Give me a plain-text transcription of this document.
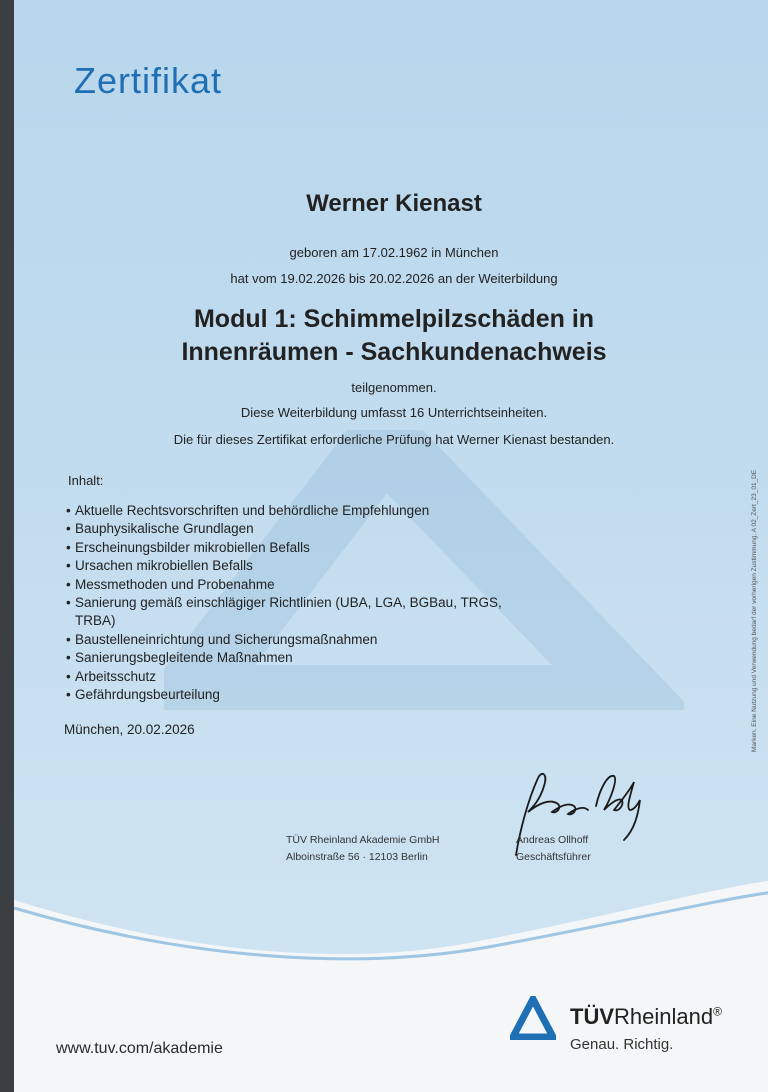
Zertifikat
Werner Kienast
geboren am 17.02.1962 in München
hat vom 19.02.2026 bis 20.02.2026 an der Weiterbildung
Modul 1: Schimmelpilzschäden in
Innenräumen - Sachkundenachweis
teilgenommen.
Diese Weiterbildung umfasst 16 Unterrichtseinheiten.
Die für dieses Zertifikat erforderliche Prüfung hat Werner Kienast bestanden.
Inhalt:
• Aktuelle Rechtsvorschriften und behördliche Empfehlungen
• Bauphysikalische Grundlagen
• Erscheinungsbilder mikrobiellen Befalls
• Ursachen mikrobiellen Befalls
• Messmethoden und Probenahme
• Sanierung gemäß einschlägiger Richtlinien (UBA, LGA, BGBau, TRGS, TRBA)
• Baustelleneinrichtung und Sicherungsmaßnahmen
• Sanierungsbegleitende Maßnahmen
• Arbeitsschutz
• Gefährdungsbeurteilung
München, 20.02.2026
TÜV Rheinland Akademie GmbH
Alboinstraße 56 · 12103 Berlin
Andreas Ollhoff
Geschäftsführer
Marken. Eine Nutzung und Verwendung bedarf der vorherigen Zustimmung. A 02_Zert_23_01_DE
www.tuv.com/akademie
TÜVRheinland®
Genau. Richtig.
